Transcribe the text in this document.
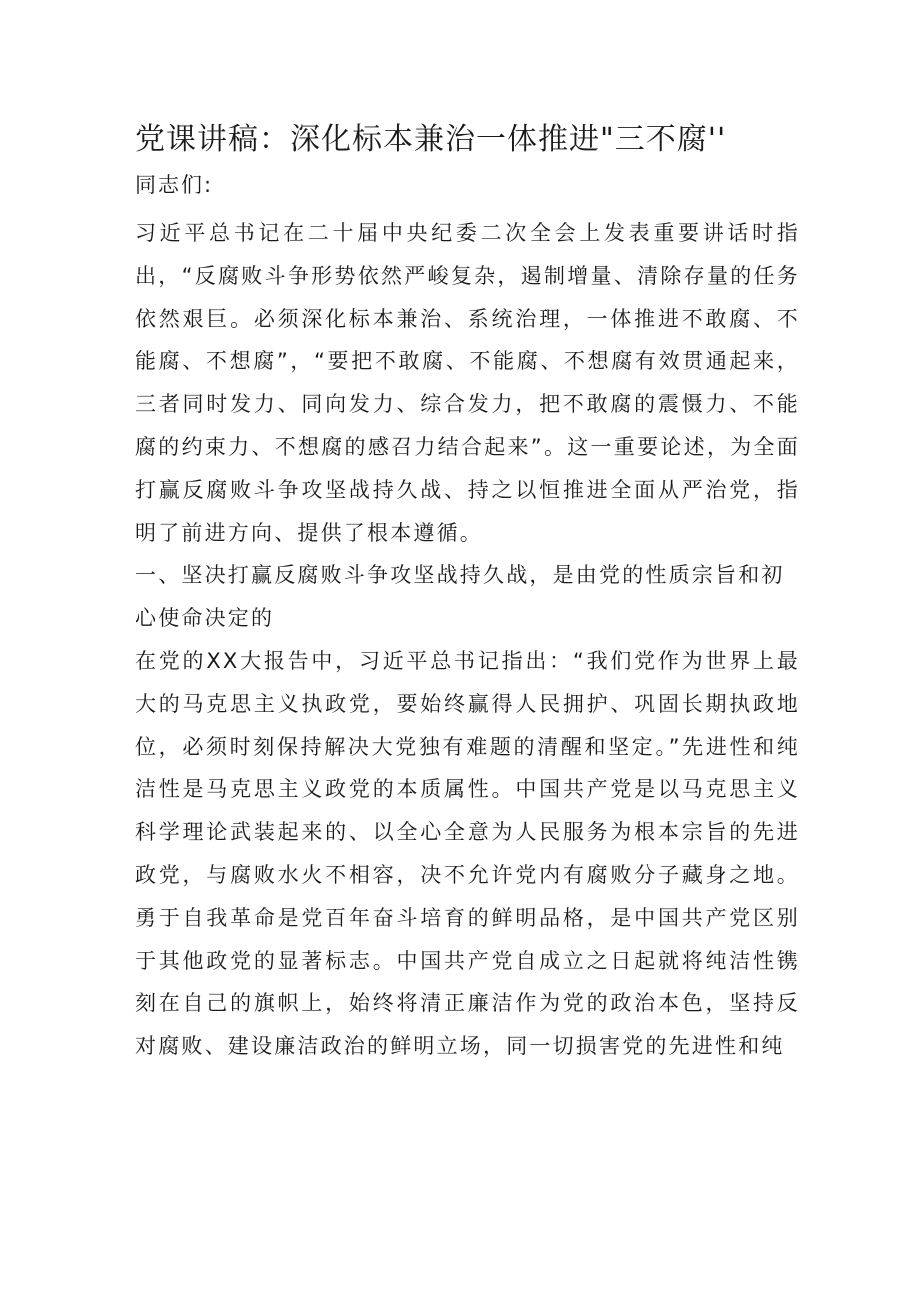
党课讲稿：深化标本兼治一体推进"三不腐''

同志们:

习近平总书记在二十届中央纪委二次全会上发表重要讲话时指出，“反腐败斗争形势依然严峻复杂，遏制增量、清除存量的任务依然艰巨。必须深化标本兼治、系统治理，一体推进不敢腐、不能腐、不想腐”，“要把不敢腐、不能腐、不想腐有效贯通起来，三者同时发力、同向发力、综合发力，把不敢腐的震慑力、不能腐的约束力、不想腐的感召力结合起来”。这一重要论述，为全面打赢反腐败斗争攻坚战持久战、持之以恒推进全面从严治党，指明了前进方向、提供了根本遵循。

一、坚决打赢反腐败斗争攻坚战持久战，是由党的性质宗旨和初心使命决定的

在党的XX大报告中，习近平总书记指出：“我们党作为世界上最大的马克思主义执政党，要始终赢得人民拥护、巩固长期执政地位，必须时刻保持解决大党独有难题的清醒和坚定。”先进性和纯洁性是马克思主义政党的本质属性。中国共产党是以马克思主义科学理论武装起来的、以全心全意为人民服务为根本宗旨的先进政党，与腐败水火不相容，决不允许党内有腐败分子藏身之地。勇于自我革命是党百年奋斗培育的鲜明品格，是中国共产党区别于其他政党的显著标志。中国共产党自成立之日起就将纯洁性镌刻在自己的旗帜上，始终将清正廉洁作为党的政治本色，坚持反对腐败、建设廉洁政治的鲜明立场，同一切损害党的先进性和纯
